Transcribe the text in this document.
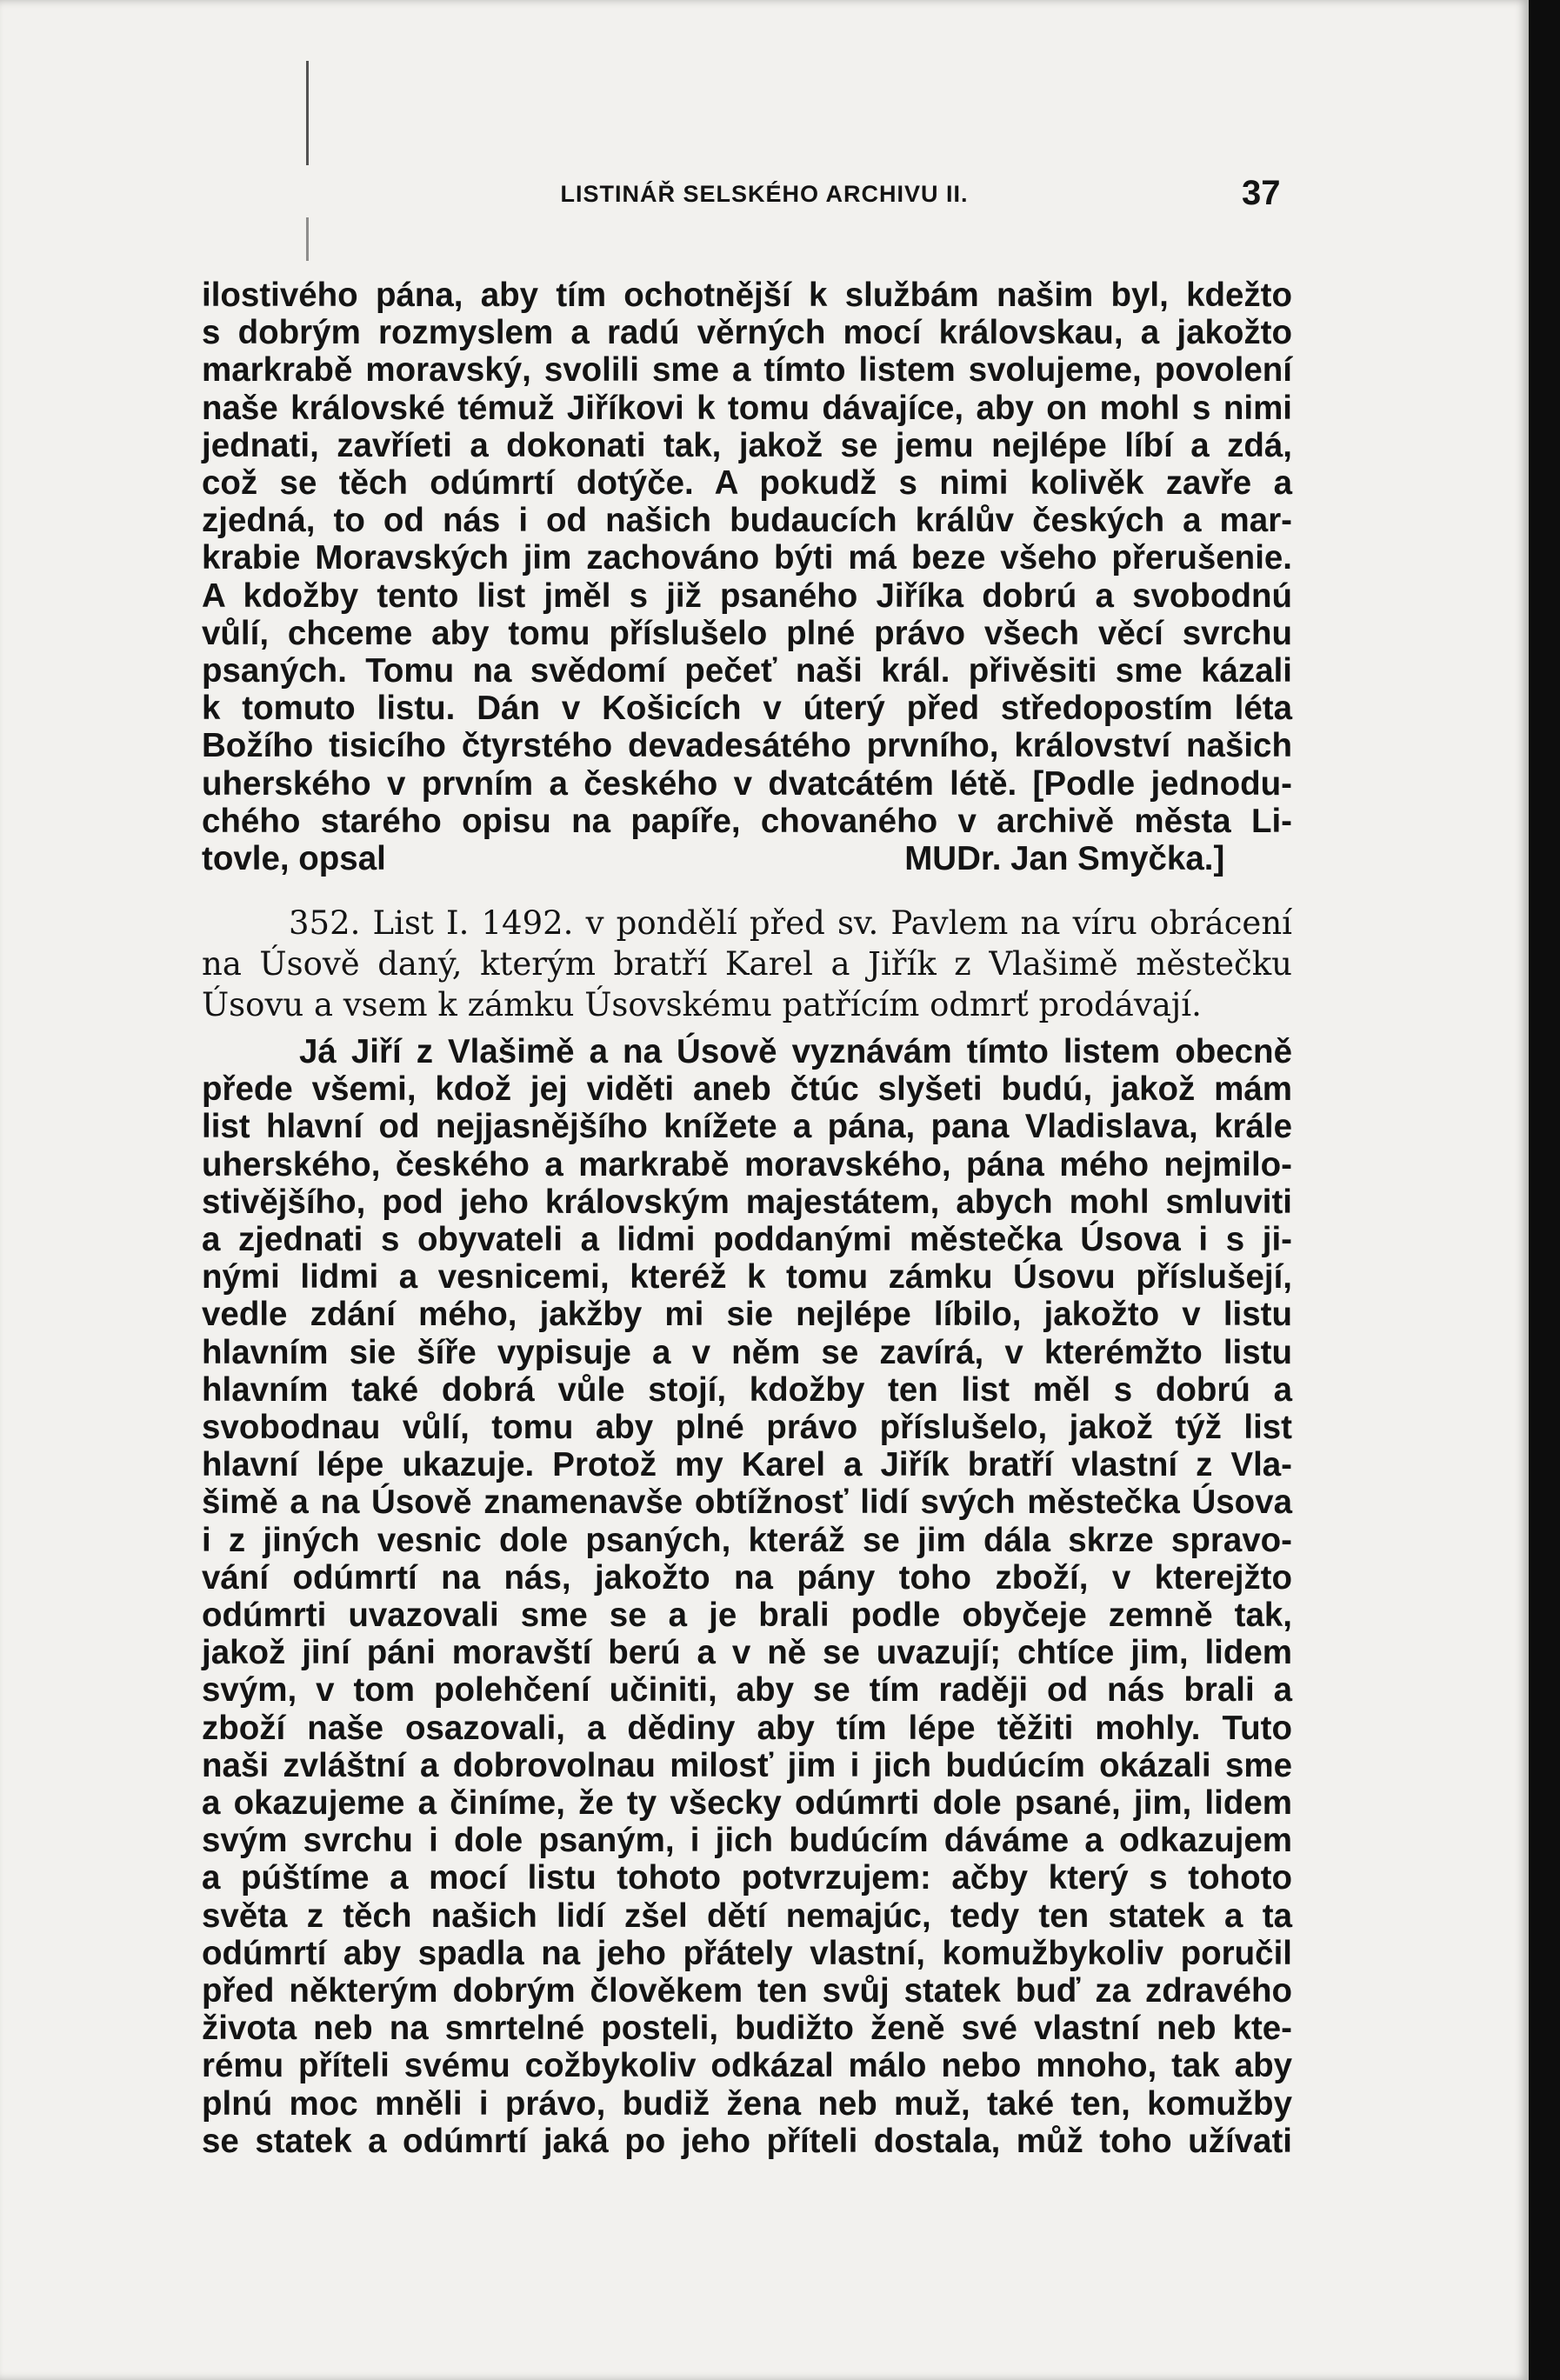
LISTINÁŘ SELSKÉHO ARCHIVU II.	37
ilostivého pána, aby tím ochotnější k službám našim byl, kdežto
s dobrým rozmyslem a radú věrných mocí královskau, a jakožto
markrabě moravský, svolili sme a tímto listem svolujeme, povolení
naše královské témuž Jiříkovi k tomu dávajíce, aby on mohl s nimi
jednati, zavříeti a dokonati tak, jakož se jemu nejlépe líbí a zdá,
což se těch odúmrtí dotýče. A pokudž s nimi kolivěk zavře a
zjedná, to od nás i od našich budaucích králův českých a mar-
krabie Moravských jim zachováno býti má beze všeho přerušenie.
A kdožby tento list jměl s již psaného Jiříka dobrú a svobodnú
vůlí, chceme aby tomu příslušelo plné právo všech věcí svrchu
psaných. Tomu na svědomí pečeť naši král. přivěsiti sme kázali
k tomuto listu. Dán v Košicích v úterý před středopostím léta
Božího tisicího čtyrstého devadesátého prvního, království našich
uherského v prvním a českého v dvatcátém létě. [Podle jednodu-
chého starého opisu na papíře, chovaného v archivě města Li-
tovle, opsal	MUDr. Jan Smyčka.]
352. List I. 1492. v pondělí před sv. Pavlem na víru obrácení
na Úsově daný, kterým bratří Karel a Jiřík z Vlašimě městečku
Úsovu a vsem k zámku Úsovskému patřícím odmrť prodávají.
Já Jiří z Vlašimě a na Úsově vyznávám tímto listem obecně
přede všemi, kdož jej viděti aneb čtúc slyšeti budú, jakož mám
list hlavní od nejjasnějšího knížete a pána, pana Vladislava, krále
uherského, českého a markrabě moravského, pána mého nejmilo-
stivějšího, pod jeho královským majestátem, abych mohl smluviti
a zjednati s obyvateli a lidmi poddanými městečka Úsova i s ji-
nými lidmi a vesnicemi, kteréž k tomu zámku Úsovu příslušejí,
vedle zdání mého, jakžby mi sie nejlépe líbilo, jakožto v listu
hlavním sie šíře vypisuje a v něm se zavírá, v kterémžto listu
hlavním také dobrá vůle stojí, kdožby ten list měl s dobrú a
svobodnau vůlí, tomu aby plné právo příslušelo, jakož týž list
hlavní lépe ukazuje. Protož my Karel a Jiřík bratří vlastní z Vla-
šimě a na Úsově znamenavše obtížnosť lidí svých městečka Úsova
i z jiných vesnic dole psaných, kteráž se jim dála skrze spravo-
vání odúmrtí na nás, jakožto na pány toho zboží, v kterejžto
odúmrti uvazovali sme se a je brali podle obyčeje zemně tak,
jakož jiní páni moravští berú a v ně se uvazují; chtíce jim, lidem
svým, v tom polehčení učiniti, aby se tím raději od nás brali a
zboží naše osazovali, a dědiny aby tím lépe těžiti mohly. Tuto
naši zvláštní a dobrovolnau milosť jim i jich budúcím okázali sme
a okazujeme a činíme, že ty všecky odúmrti dole psané, jim, lidem
svým svrchu i dole psaným, i jich budúcím dáváme a odkazujem
a púštíme a mocí listu tohoto potvrzujem: ačby který s tohoto
světa z těch našich lidí zšel dětí nemajúc, tedy ten statek a ta
odúmrtí aby spadla na jeho přátely vlastní, komužbykoliv poručil
před některým dobrým člověkem ten svůj statek buď za zdravého
života neb na smrtelné posteli, budižto ženě své vlastní neb kte-
rému příteli svému cožbykoliv odkázal málo nebo mnoho, tak aby
plnú moc mněli i právo, budiž žena neb muž, také ten, komužby
se statek a odúmrtí jaká po jeho příteli dostala, můž toho užívati
